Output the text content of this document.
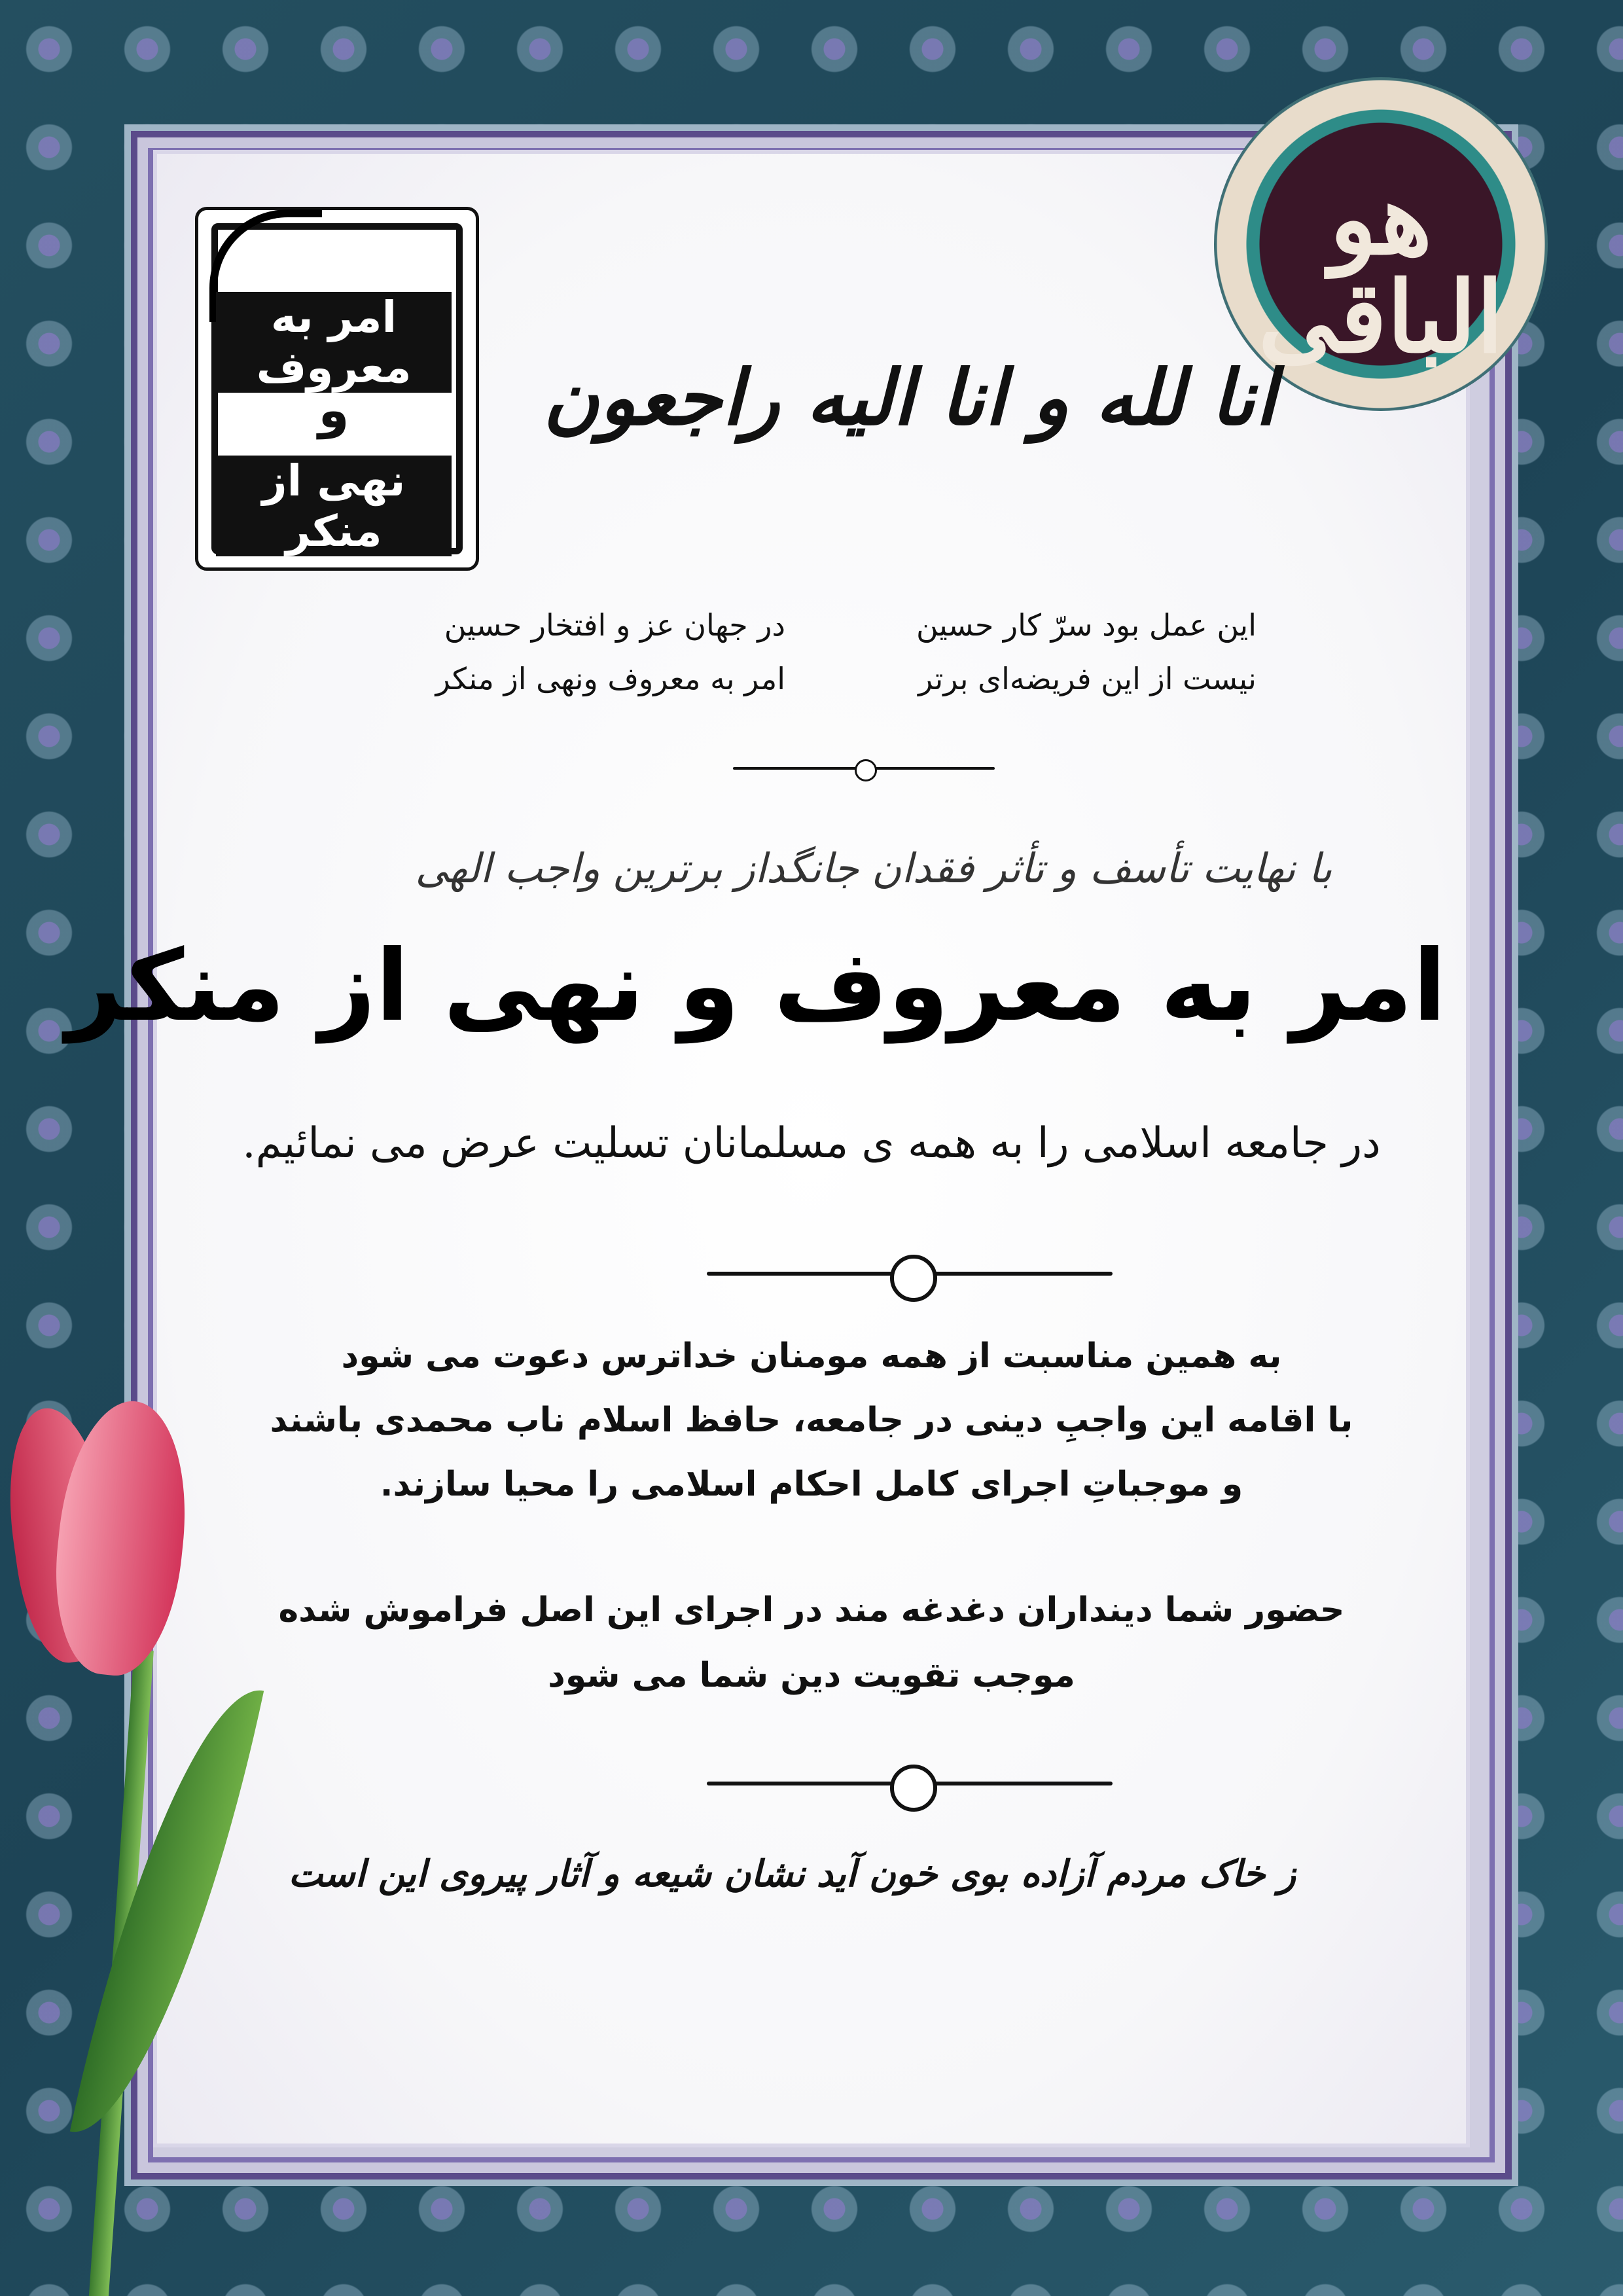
هو الباقی
امر به معروف
و
نهی از منکر
انا لله و انا الیه راجعون
این عمل بود سرّ کار حسین
در جهان عز و افتخار حسین
نیست از این فریضه‌ای برتر
امر به معروف ونهی از منکر
با نهایت تأسف و تأثر فقدان جانگداز برترین واجب الهی
امر به معروف و نهی از منکر
در جامعه اسلامی را به همه ی مسلمانان تسلیت عرض می نمائیم.
به همین مناسبت از همه مومنان خداترس دعوت می شود
با اقامه این واجبِ دینی در جامعه، حافظ اسلام ناب محمدی باشند
و موجباتِ اجرای کامل احکام اسلامی را محیا سازند.
حضور شما دینداران دغدغه مند در اجرای این اصل فراموش شده
موجب تقویت دین شما می شود
ز خاک مردم آزاده بوی خون آید
نشان شیعه و آثار پیروی این است
